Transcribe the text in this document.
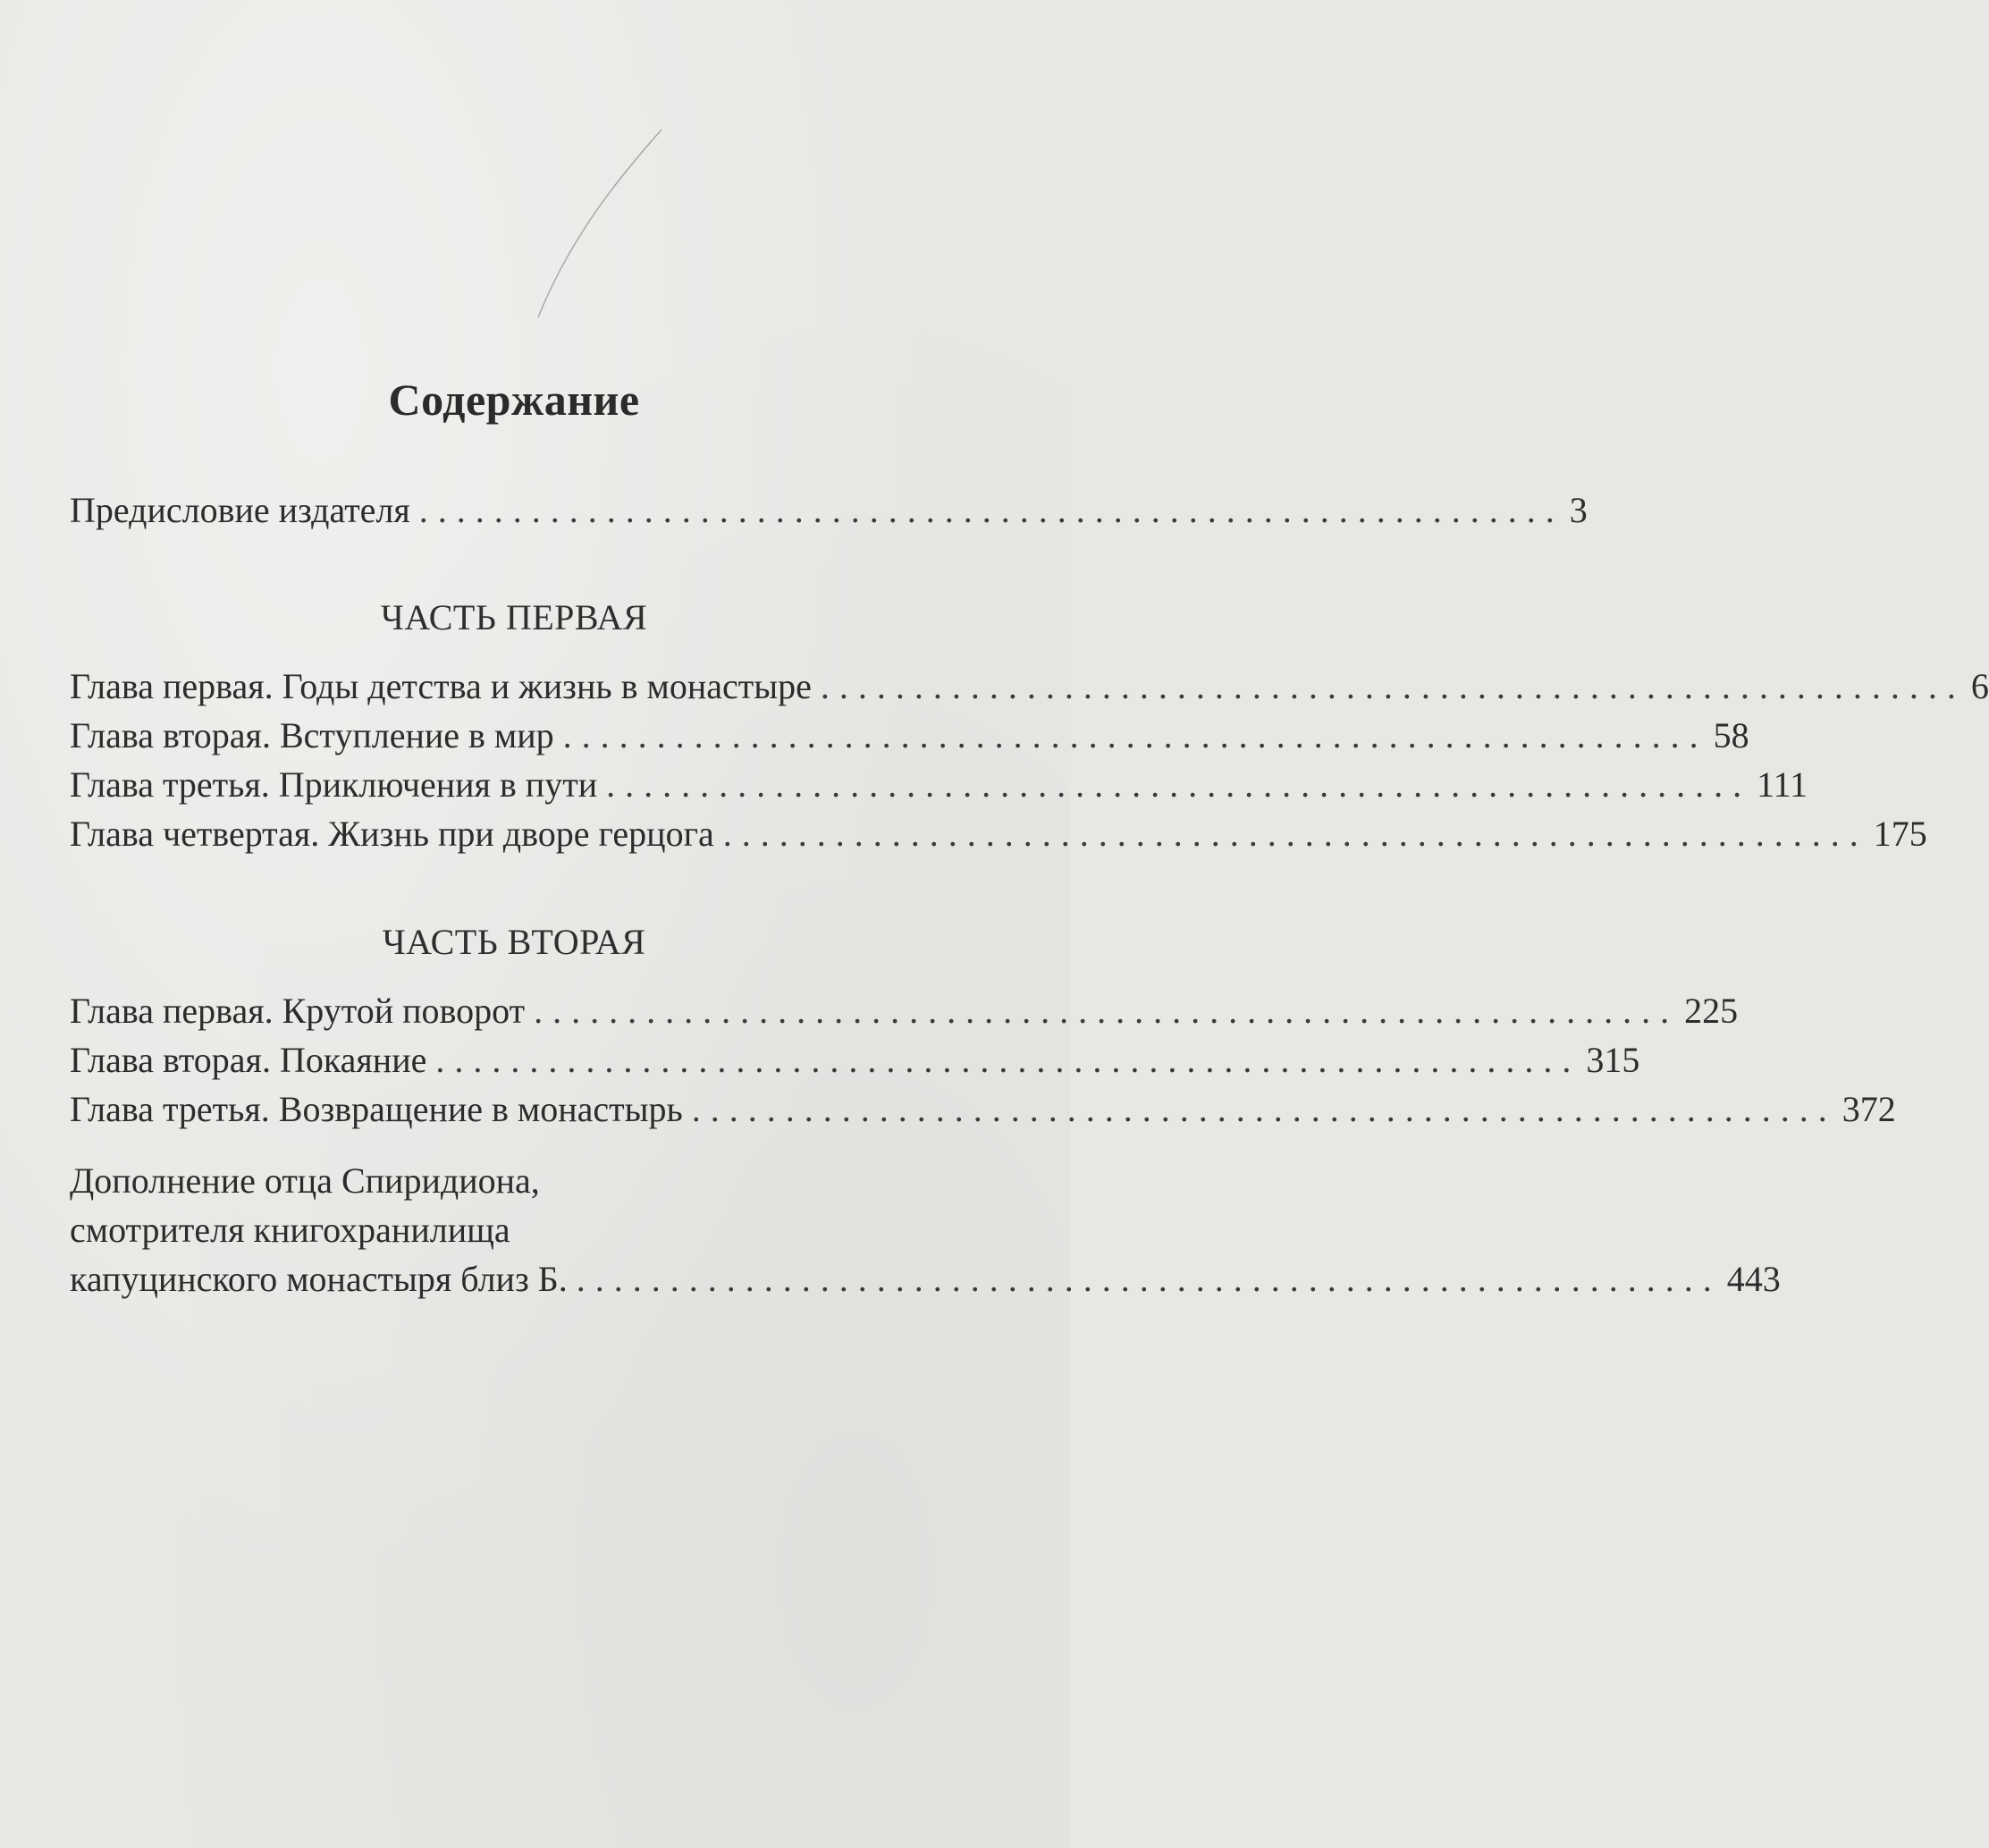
Содержание
Предисловие издателя ............................................................. 3
ЧАСТЬ ПЕРВАЯ
Глава первая. Годы детства и жизнь в монастыре ............................................................. 6
Глава вторая. Вступление в мир ............................................................. 58
Глава третья. Приключения в пути ............................................................. 111
Глава четвертая. Жизнь при дворе герцога ............................................................. 175
ЧАСТЬ ВТОРАЯ
Глава первая. Крутой поворот ............................................................. 225
Глава вторая. Покаяние ............................................................. 315
Глава третья. Возвращение в монастырь ............................................................. 372
Дополнение отца Спиридиона,
смотрителя книгохранилища
капуцинского монастыря близ Б. ............................................................. 443
